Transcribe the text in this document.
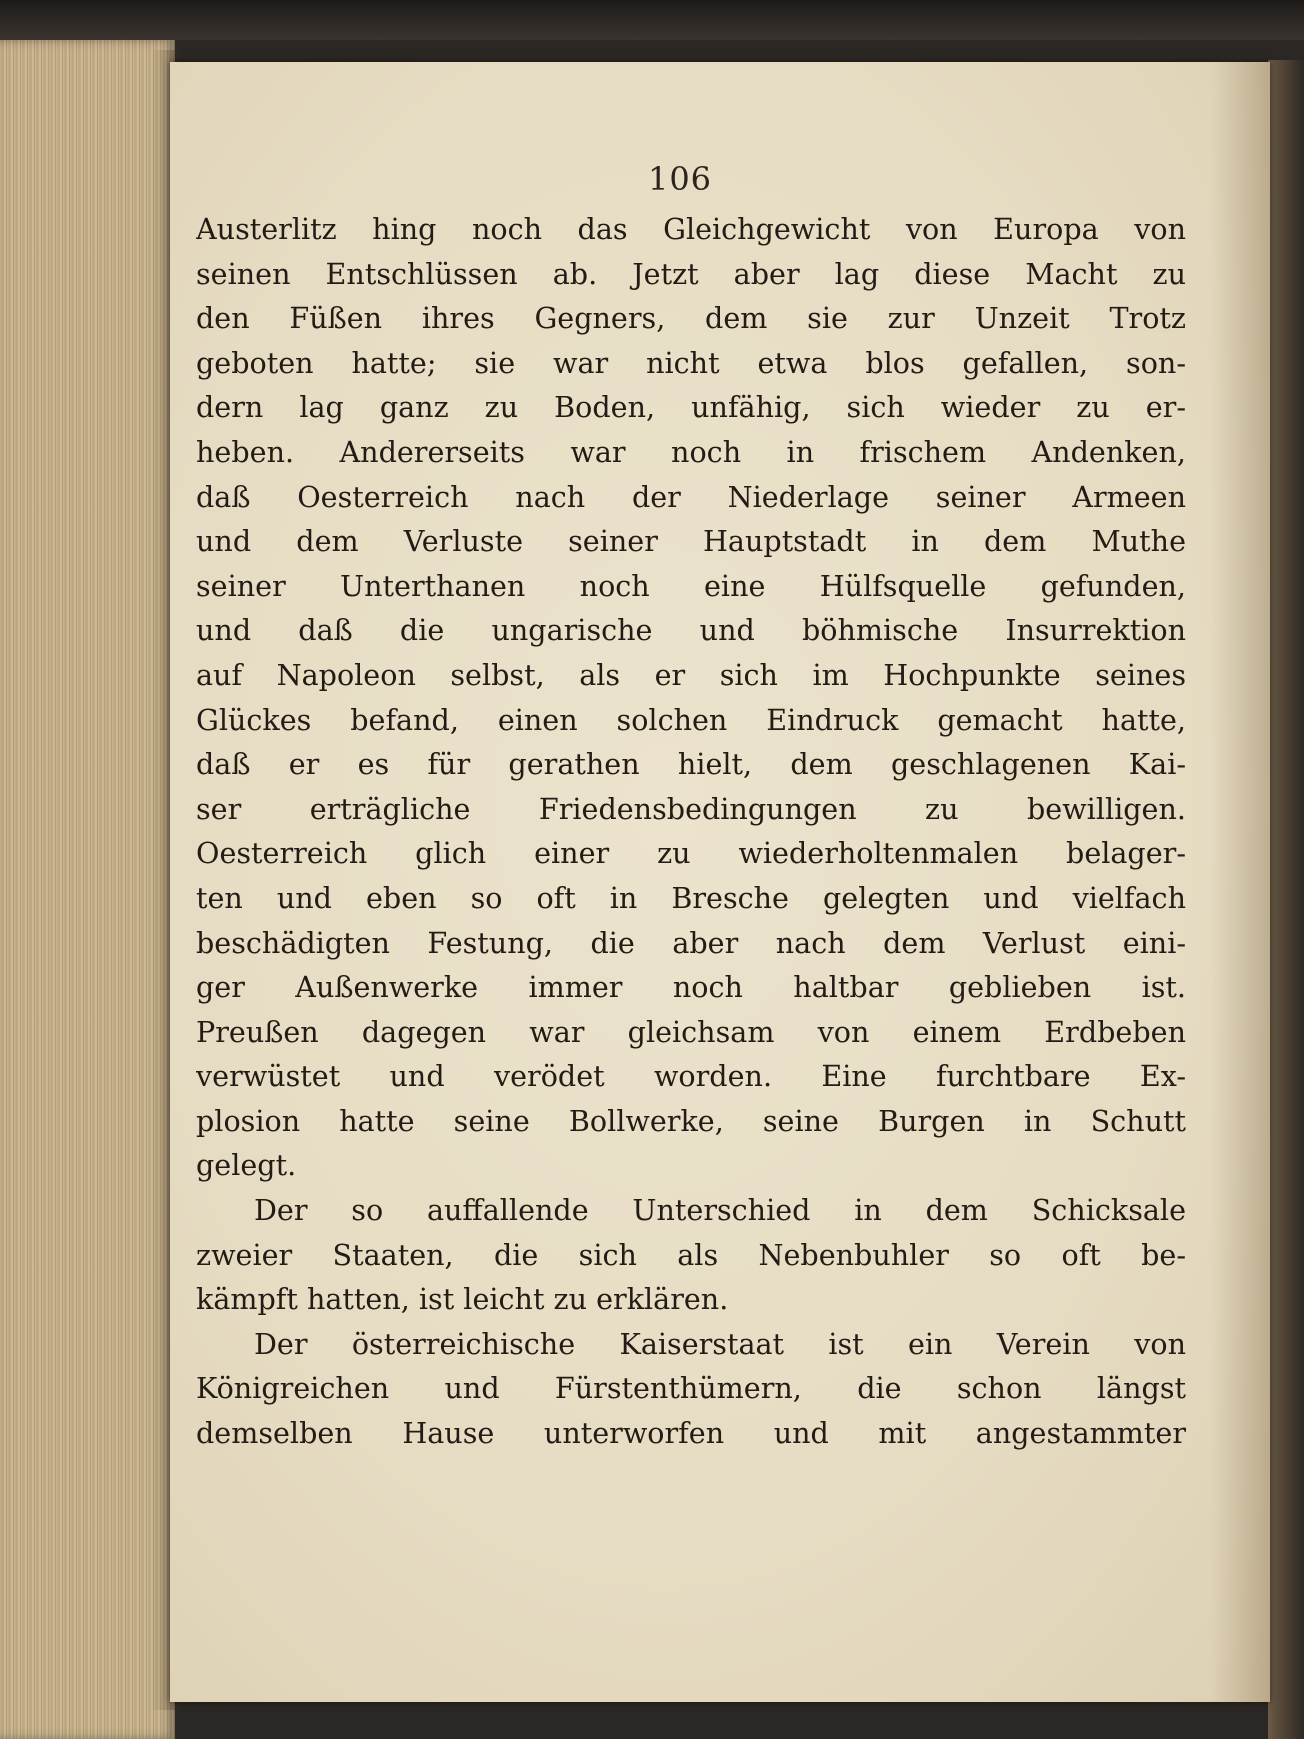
106
Austerlitz hing noch das Gleichgewicht von Europa von
seinen Entschlüssen ab. Jetzt aber lag diese Macht zu
den Füßen ihres Gegners, dem sie zur Unzeit Trotz
geboten hatte; sie war nicht etwa blos gefallen, son-
dern lag ganz zu Boden, unfähig, sich wieder zu er-
heben. Andererseits war noch in frischem Andenken,
daß Oesterreich nach der Niederlage seiner Armeen
und dem Verluste seiner Hauptstadt in dem Muthe
seiner Unterthanen noch eine Hülfsquelle gefunden,
und daß die ungarische und böhmische Insurrektion
auf Napoleon selbst, als er sich im Hochpunkte seines
Glückes befand, einen solchen Eindruck gemacht hatte,
daß er es für gerathen hielt, dem geschlagenen Kai-
ser erträgliche Friedensbedingungen zu bewilligen.
Oesterreich glich einer zu wiederholtenmalen belager-
ten und eben so oft in Bresche gelegten und vielfach
beschädigten Festung, die aber nach dem Verlust eini-
ger Außenwerke immer noch haltbar geblieben ist.
Preußen dagegen war gleichsam von einem Erdbeben
verwüstet und verödet worden. Eine furchtbare Ex-
plosion hatte seine Bollwerke, seine Burgen in Schutt
gelegt.
Der so auffallende Unterschied in dem Schicksale
zweier Staaten, die sich als Nebenbuhler so oft be-
kämpft hatten, ist leicht zu erklären.
Der österreichische Kaiserstaat ist ein Verein von
Königreichen und Fürstenthümern, die schon längst
demselben Hause unterworfen und mit angestammter
